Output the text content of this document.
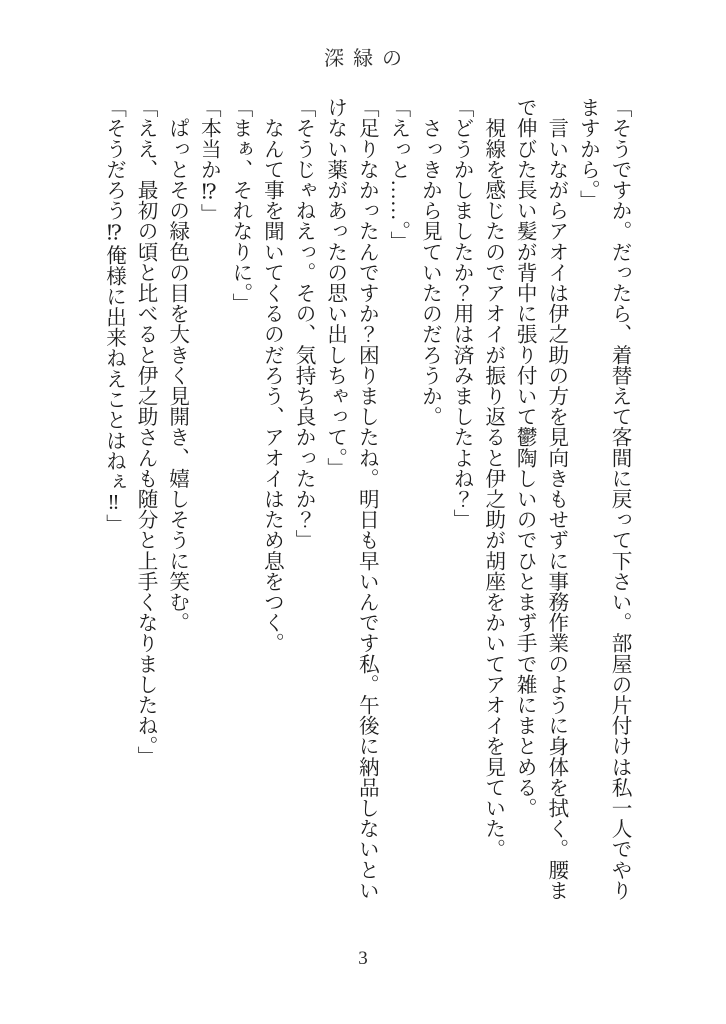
深緑の

「そうですか。だったら、着替えて客間に戻って下さい。部屋の片付けは私一人でやりますから。」

　言いながらアオイは伊之助の方を見向きもせずに事務作業のように身体を拭く。腰まで伸びた長い髪が背中に張り付いて鬱陶しいのでひとまず手で雑にまとめる。

　視線を感じたのでアオイが振り返ると伊之助が胡座をかいてアオイを見ていた。

「どうかしましたか？用は済みましたよね？」

　さっきから見ていたのだろうか。

「えっと……。」

「足りなかったんですか？困りましたね。明日も早いんです私。午後に納品しないといけない薬があったの思い出しちゃって。」

「そうじゃねえっ。その、気持ち良かったか？」

　なんて事を聞いてくるのだろう、アオイはため息をつく。

「まぁ、それなりに。」

「本当か⁉」

　ぱっとその緑色の目を大きく見開き、嬉しそうに笑む。

「ええ、最初の頃と比べると伊之助さんも随分と上手くなりましたね。」

「そうだろう⁉俺様に出来ねえことはねぇ‼」

3
